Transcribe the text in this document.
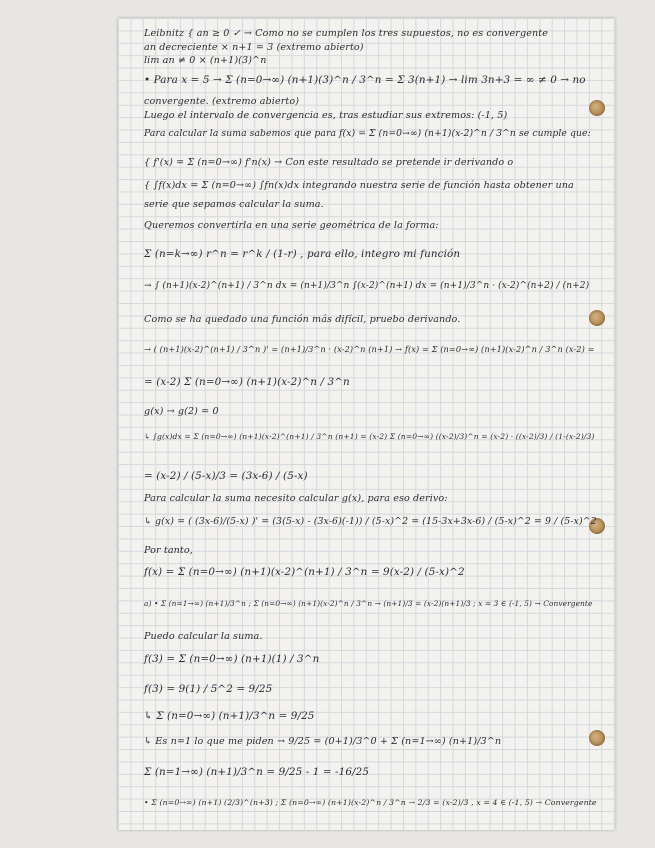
Leibnitz { an ≥ 0 ✓ → Como no se cumplen los tres supuestos, no es convergente
an decreciente × n+1 = 3 (extremo abierto)
lim an ≠ 0 × (n+1)(3)^n
• Para x = 5 → Σ (n=0→∞) (n+1)(3)^n / 3^n = Σ 3(n+1) → lim 3n+3 = ∞ ≠ 0 → no
convergente. (extremo abierto)
Luego el intervalo de convergencia es, tras estudiar sus extremos: (-1, 5)
Para calcular la suma sabemos que para f(x) = Σ (n=0→∞) (n+1)(x-2)^n / 3^n se cumple que:
{ f'(x) = Σ (n=0→∞) f'n(x) → Con este resultado se pretende ir derivando o
{ ∫f(x)dx = Σ (n=0→∞) ∫fn(x)dx integrando nuestra serie de función hasta obtener una
serie que sepamos calcular la suma.
Queremos convertirla en una serie geométrica de la forma:
Σ (n=k→∞) r^n = r^k / (1-r) , para ello, integro mi función
→ ∫ (n+1)(x-2)^(n+1) / 3^n dx = (n+1)/3^n ∫(x-2)^(n+1) dx = (n+1)/3^n · (x-2)^(n+2) / (n+2)
Como se ha quedado una función más difícil, pruebo derivando.
→ ( (n+1)(x-2)^(n+1) / 3^n )' = (n+1)/3^n · (x-2)^n (n+1) → f(x) = Σ (n=0→∞) (n+1)(x-2)^n / 3^n (x-2) =
= (x-2) Σ (n=0→∞) (n+1)(x-2)^n / 3^n
g(x) → g(2) = 0
↳ ∫g(x)dx = Σ (n=0→∞) (n+1)(x-2)^(n+1) / 3^n (n+1) = (x-2) Σ (n=0→∞) ((x-2)/3)^n = (x-2) · ((x-2)/3) / (1-(x-2)/3)
= (x-2) / (5-x)/3 = (3x-6) / (5-x)
Para calcular la suma necesito calcular g(x), para eso derivo:
↳ g(x) = ( (3x-6)/(5-x) )' = (3(5-x) - (3x-6)(-1)) / (5-x)^2 = (15-3x+3x-6) / (5-x)^2 = 9 / (5-x)^2
Por tanto,
f(x) = Σ (n=0→∞) (n+1)(x-2)^(n+1) / 3^n = 9(x-2) / (5-x)^2
a) • Σ (n=1→∞) (n+1)/3^n ; Σ (n=0→∞) (n+1)(x-2)^n / 3^n → (n+1)/3 = (x-2)(n+1)/3 ; x = 3 ∈ (-1, 5) → Convergente
Puedo calcular la suma.
f(3) = Σ (n=0→∞) (n+1)(1) / 3^n
f(3) = 9(1) / 5^2 = 9/25
↳ Σ (n=0→∞) (n+1)/3^n = 9/25
↳ Es n=1 lo que me piden → 9/25 = (0+1)/3^0 + Σ (n=1→∞) (n+1)/3^n
Σ (n=1→∞) (n+1)/3^n = 9/25 - 1 = -16/25
• Σ (n=0→∞) (n+1) (2/3)^(n+3) ; Σ (n=0→∞) (n+1)(x-2)^n / 3^n → 2/3 = (x-2)/3 , x = 4 ∈ (-1, 5) → Convergente
